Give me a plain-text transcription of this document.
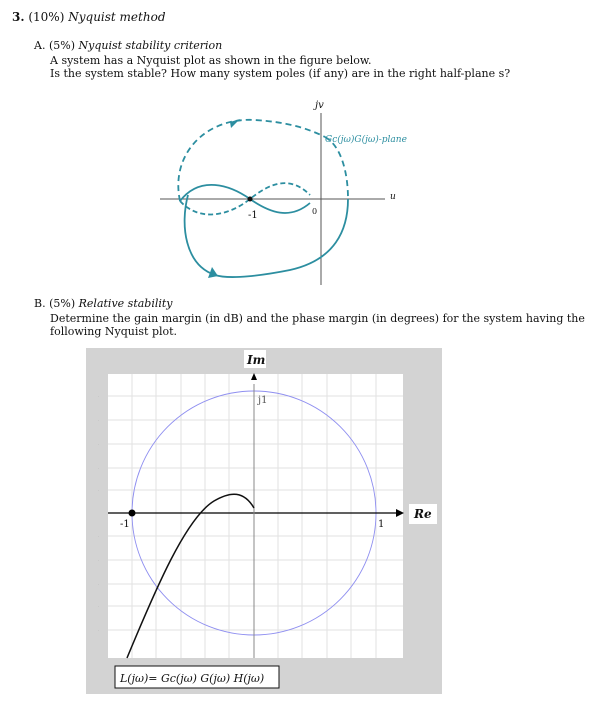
3. (10%) Nyquist method
A. (5%) Nyquist stability criterion
A system has a Nyquist plot as shown in the figure below.
Is the system stable? How many system poles (if any) are in the right half-plane s?
jv
u
-1	0
Gc(jω)G(jω)-plane
B. (5%) Relative stability
Determine the gain margin (in dB) and the phase margin (in degrees) for the system having the
following Nyquist plot.
·
·
·
·
·
·
·
·
·
·
Im
j1
-1	1
Re
L(jω)= Gc(jω) G(jω) H(jω)
